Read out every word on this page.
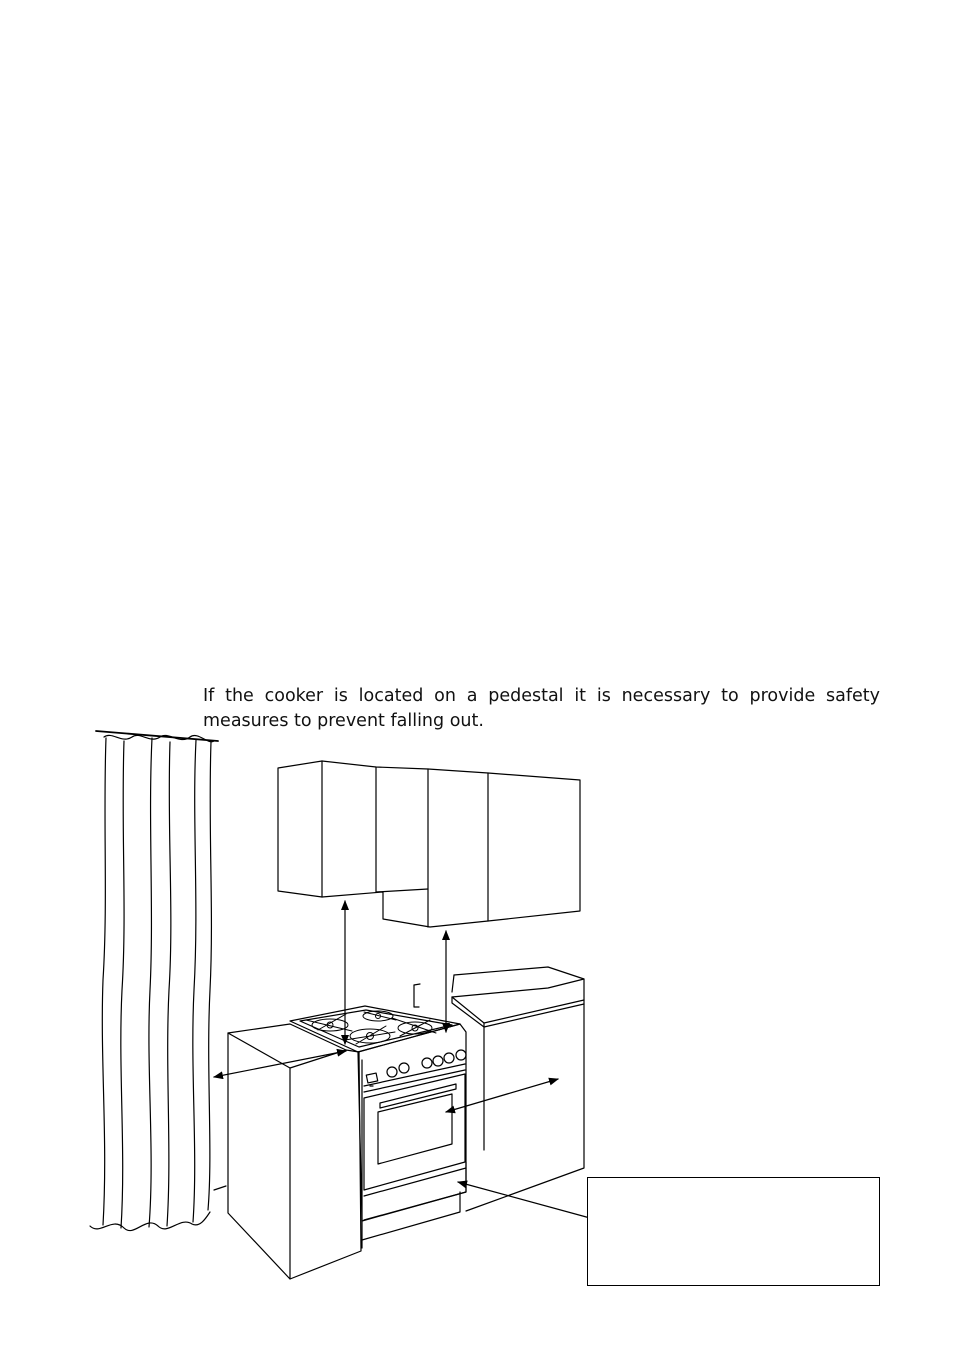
If the cooker is located on a pedestal it is necessary to provide safety measures to prevent falling out.
